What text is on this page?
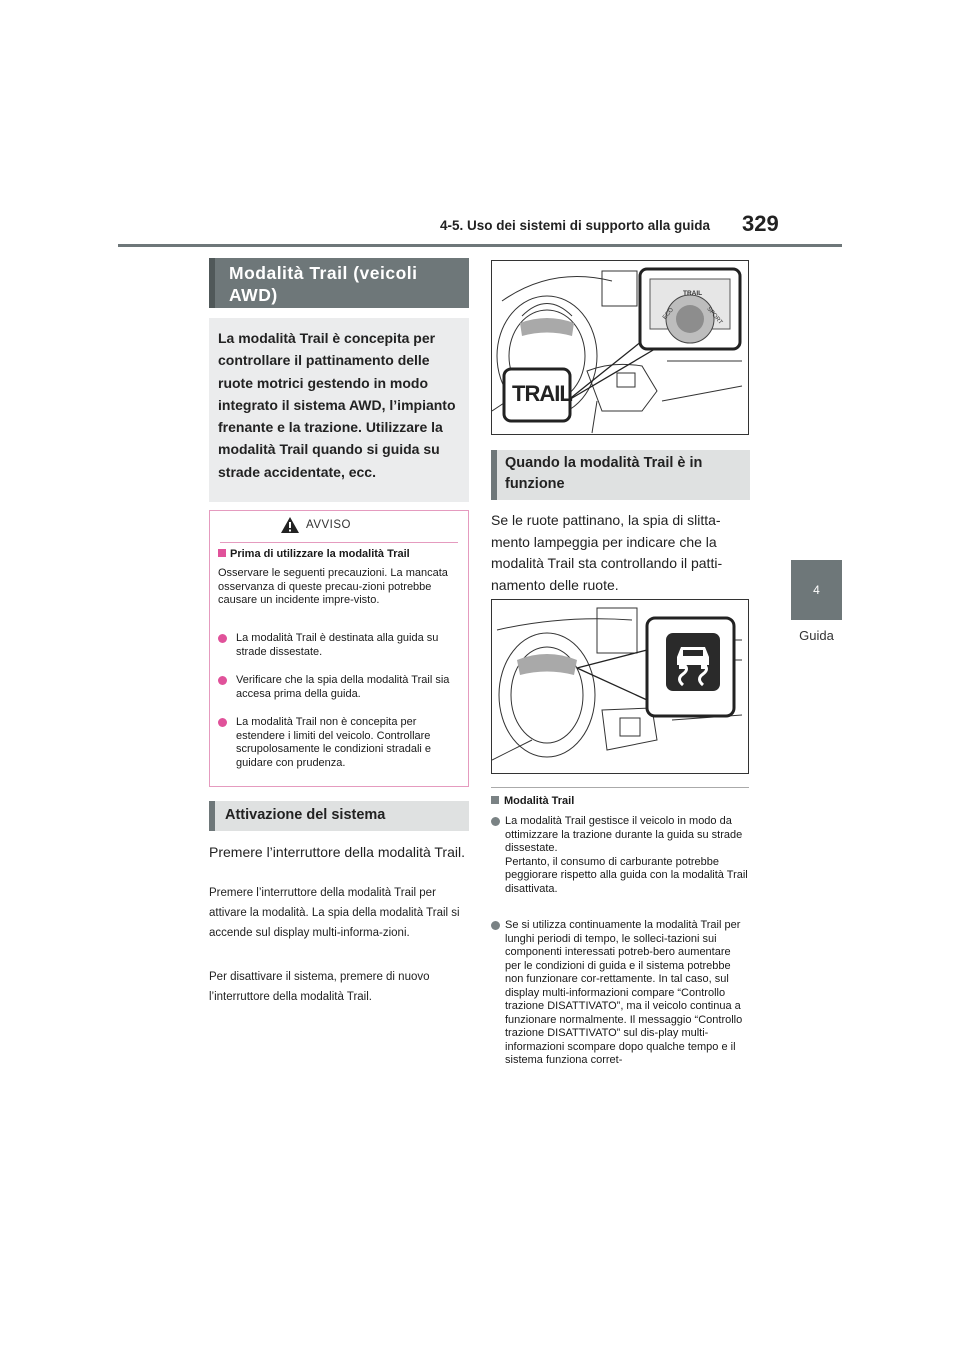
4-5. Uso dei sistemi di supporto alla guida 329
4
Guida
Modalità Trail (veicoli AWD)
La modalità Trail è concepita per controllare il pattinamento delle ruote motrici gestendo in modo integrato il sistema AWD, l’impianto frenante e la trazione. Utilizzare la modalità Trail quando si guida su strade accidentate, ecc.
AVVISO
Prima di utilizzare la modalità Trail
Osservare le seguenti precauzioni. La mancata osservanza di queste precau-zioni potrebbe causare un incidente impre-visto.
La modalità Trail è destinata alla guida su strade dissestate.
Verificare che la spia della modalità Trail sia accesa prima della guida.
La modalità Trail non è concepita per estendere i limiti del veicolo. Controllare scrupolosamente le condizioni stradali e guidare con prudenza.
Attivazione del sistema
Premere l’interruttore della modalità Trail.
Premere l’interruttore della modalità Trail per attivare la modalità. La spia della modalità Trail si accende sul display multi-informa-zioni.
Per disattivare il sistema, premere di nuovo l’interruttore della modalità Trail.
TRAIL
ECO	SPORT
TRAIL
Quando la modalità Trail è in funzione
Se le ruote pattinano, la spia di slitta-mento lampeggia per indicare che la modalità Trail sta controllando il patti-namento delle ruote.
Modalità Trail
La modalità Trail gestisce il veicolo in modo da ottimizzare la trazione durante la guida su strade dissestate.
Pertanto, il consumo di carburante potrebbe peggiorare rispetto alla guida con la modalità Trail disattivata.
Se si utilizza continuamente la modalità Trail per lunghi periodi di tempo, le solleci-tazioni sui componenti interessati potreb-bero aumentare per le condizioni di guida e il sistema potrebbe non funzionare cor-rettamente. In tal caso, sul display multi-informazioni compare “Controllo trazione DISATTIVATO”, ma il veicolo continua a funzionare normalmente. Il messaggio “Controllo trazione DISATTIVATO” sul dis-play multi-informazioni scompare dopo qualche tempo e il sistema funziona corret-
